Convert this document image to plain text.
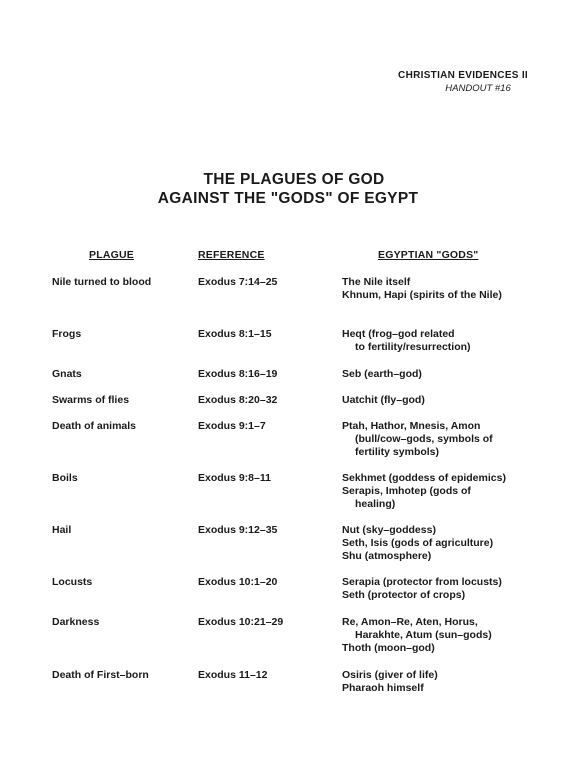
CHRISTIAN EVIDENCES II
HANDOUT #16
THE PLAGUES OF GOD
AGAINST THE "GODS" OF EGYPT
PLAGUE	REFERENCE	EGYPTIAN "GODS"
Nile turned to blood	Exodus 7:14–25	The Nile itself
Khnum, Hapi (spirits of the Nile)
Frogs	Exodus 8:1–15	Heqt (frog–god related
to fertility/resurrection)
Gnats	Exodus 8:16–19	Seb (earth–god)
Swarms of flies	Exodus 8:20–32	Uatchit (fly–god)
Death of animals	Exodus 9:1–7	Ptah, Hathor, Mnesis, Amon
(bull/cow–gods, symbols of
fertility symbols)
Boils	Exodus 9:8–11	Sekhmet (goddess of epidemics)
Serapis, Imhotep (gods of
healing)
Hail	Exodus 9:12–35	Nut (sky–goddess)
Seth, Isis (gods of agriculture)
Shu (atmosphere)
Locusts	Exodus 10:1–20	Serapia (protector from locusts)
Seth (protector of crops)
Darkness	Exodus 10:21–29	Re, Amon–Re, Aten, Horus,
Harakhte, Atum (sun–gods)
Thoth (moon–god)
Death of First–born	Exodus 11–12	Osiris (giver of life)
Pharaoh himself
